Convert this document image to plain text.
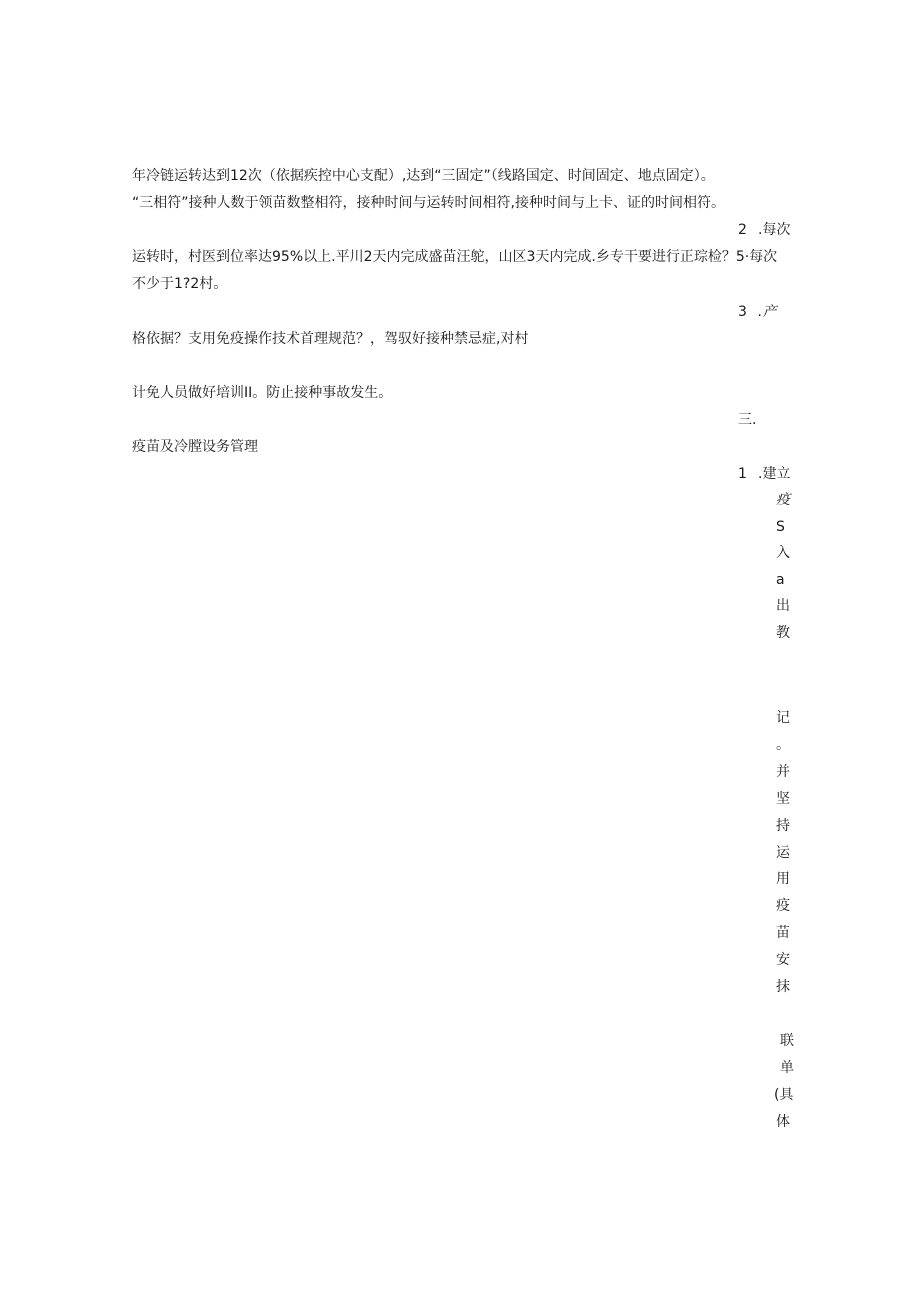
年冷链运转达到12次（依据疾控中心支配）,达到“三固定”（线路国定、时间固定、地点固定）。
“三相符”接种人数于领苗数整相符，接种时间与运转时间相符,接种时间与上卡、证的时间相符。
2 .每次
运转时，村医到位率达95%以上.平川2天内完成盛苗汪鸵，山区3天内完成.乡专干要进行正琮检？5·每次
不少于1?2村。
3 .产
格依据？支用免疫操作技术首理规范？，驾驭好接种禁忌症,对村
计免人员做好培训II。防止接种事故发生。
三.
疫苗及冷膛设务管理
1 .建立
疫
S
入
a
出
教
记
。
并
坚
持
运
用
疫
苗
安
抹
联
单
(具
体
